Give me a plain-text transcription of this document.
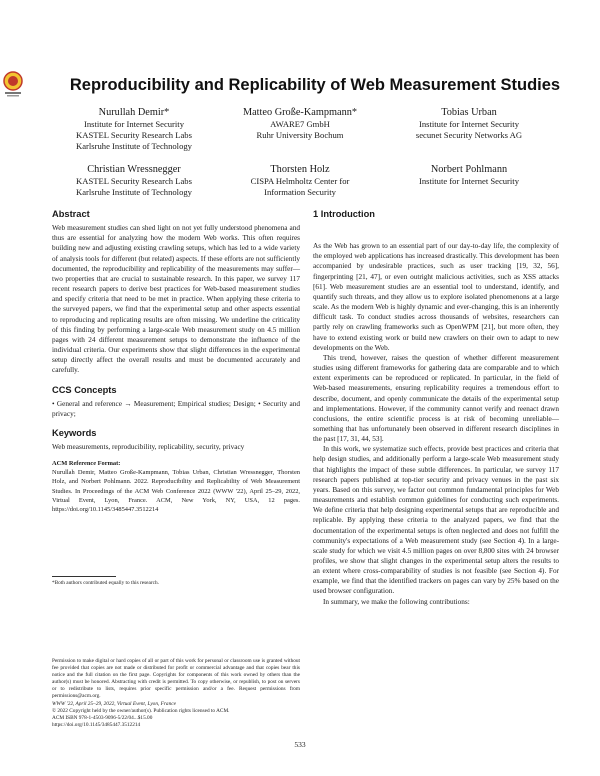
Reproducibility and Replicability of Web Measurement Studies
Nurullah Demir*
Institute for Internet Security
KASTEL Security Research Labs
Karlsruhe Institute of Technology
Matteo Große-Kampmann*
AWARE7 GmbH
Ruhr University Bochum
Tobias Urban
Institute for Internet Security
secunet Security Networks AG
Christian Wressnegger
KASTEL Security Research Labs
Karlsruhe Institute of Technology
Thorsten Holz
CISPA Helmholtz Center for
Information Security
Norbert Pohlmann
Institute for Internet Security
Abstract

Web measurement studies can shed light on not yet fully understood phenomena and thus are essential for analyzing how the modern Web works. This often requires building new and adjusting existing crawling setups, which has led to a wide variety of analysis tools for different (but related) aspects. If these efforts are not sufficiently documented, the reproducibility and replicability of the measurements may suffer—two properties that are crucial to sustainable research. In this paper, we survey 117 recent research papers to derive best practices for Web-based measurement studies and specify criteria that need to be met in practice. When applying these criteria to the surveyed papers, we find that the experimental setup and other aspects essential to reproducing and replicating results are often missing. We underline the criticality of this finding by performing a large-scale Web measurement study on 4.5 million pages with 24 different measurement setups to demonstrate the influence of the individual criteria. Our experiments show that slight differences in the experimental setup directly affect the overall results and must be documented accurately and carefully.

CCS Concepts

• General and reference → Measurement; Empirical studies; Design; • Security and privacy;

Keywords

Web measurements, reproducibility, replicability, security, privacy

ACM Reference Format:

Nurullah Demir, Matteo Große-Kampmann, Tobias Urban, Christian Wressnegger, Thorsten Holz, and Norbert Pohlmann. 2022. Reproducibility and Replicability of Web Measurement Studies. In Proceedings of the ACM Web Conference 2022 (WWW '22), April 25–29, 2022, Virtual Event, Lyon, France. ACM, New York, NY, USA, 12 pages. https://doi.org/10.1145/3485447.3512214

*Both authors contributed equally to this research.

Permission to make digital or hard copies of all or part of this work for personal or classroom use is granted without fee provided that copies are not made or distributed for profit or commercial advantage and that copies bear this notice and the full citation on the first page. Copyrights for components of this work owned by others than the author(s) must be honored. Abstracting with credit is permitted. To copy otherwise, or republish, to post on servers or to redistribute to lists, requires prior specific permission and/or a fee. Request permissions from permissions@acm.org.

WWW '22, April 25–29, 2022, Virtual Event, Lyon, France

© 2022 Copyright held by the owner/author(s). Publication rights licensed to ACM.

ACM ISBN 978-1-4503-9096-5/22/04...$15.00

https://doi.org/10.1145/3485447.3512214

1 Introduction

As the Web has grown to an essential part of our day-to-day life, the complexity of the employed web applications has increased drastically. This development has been accompanied by undesirable practices, such as user tracking [19, 32, 56], fingerprinting [21, 47], or even outright malicious activities, such as XSS attacks [61]. Web measurement studies are an essential tool to understand, identify, and quantify such threats, and they allow us to explore isolated phenomenons at a large scale. As the modern Web is highly dynamic and ever-changing, this is an inherently difficult task. To conduct studies across thousands of websites, researchers can partly rely on crawling frameworks such as OpenWPM [21], but more often, they have to extend existing work or build new crawlers on their own to adapt to new developments on the Web.

This trend, however, raises the question of whether different measurement studies using different frameworks for gathering data are comparable and to which extent experiments can be reproduced or replicated. In particular, in the field of Web-based measurements, ensuring replicability requires a tremendous effort to describe, document, and openly communicate the details of the experimental setup and implementations. However, if the community cannot verify and reenact drawn conclusions, the entire scientific process is at risk of becoming unreliable—something that has unfortunately been observed in different research disciplines in the past [17, 31, 44, 53].

In this work, we systematize such effects, provide best practices and criteria that help design studies, and additionally perform a large-scale Web measurement study that highlights the impact of these subtle differences. In particular, we survey 117 research papers published at top-tier security and privacy venues in the past six years. Based on this survey, we factor out common fundamental principles for Web measurements and establish common guidelines for conducting such experiments. We define criteria that help designing experimental setups that are reproducible and replicable. By applying these criteria to the analyzed papers, we find that the documentation of the experimental setups is often neglected and does not fulfill the community's expectations of a Web measurement study (see Section 4). In a large-scale study for which we visit 4.5 million pages on over 8,800 sites with 24 browser profiles, we show that slight changes in the experimental setup alters the results to an extent where cross-comparability of studies is not feasible (see Section 4). For example, we find that the identified trackers on pages can vary by 25% based on the used browser configuration.

In summary, we make the following contributions:

533
